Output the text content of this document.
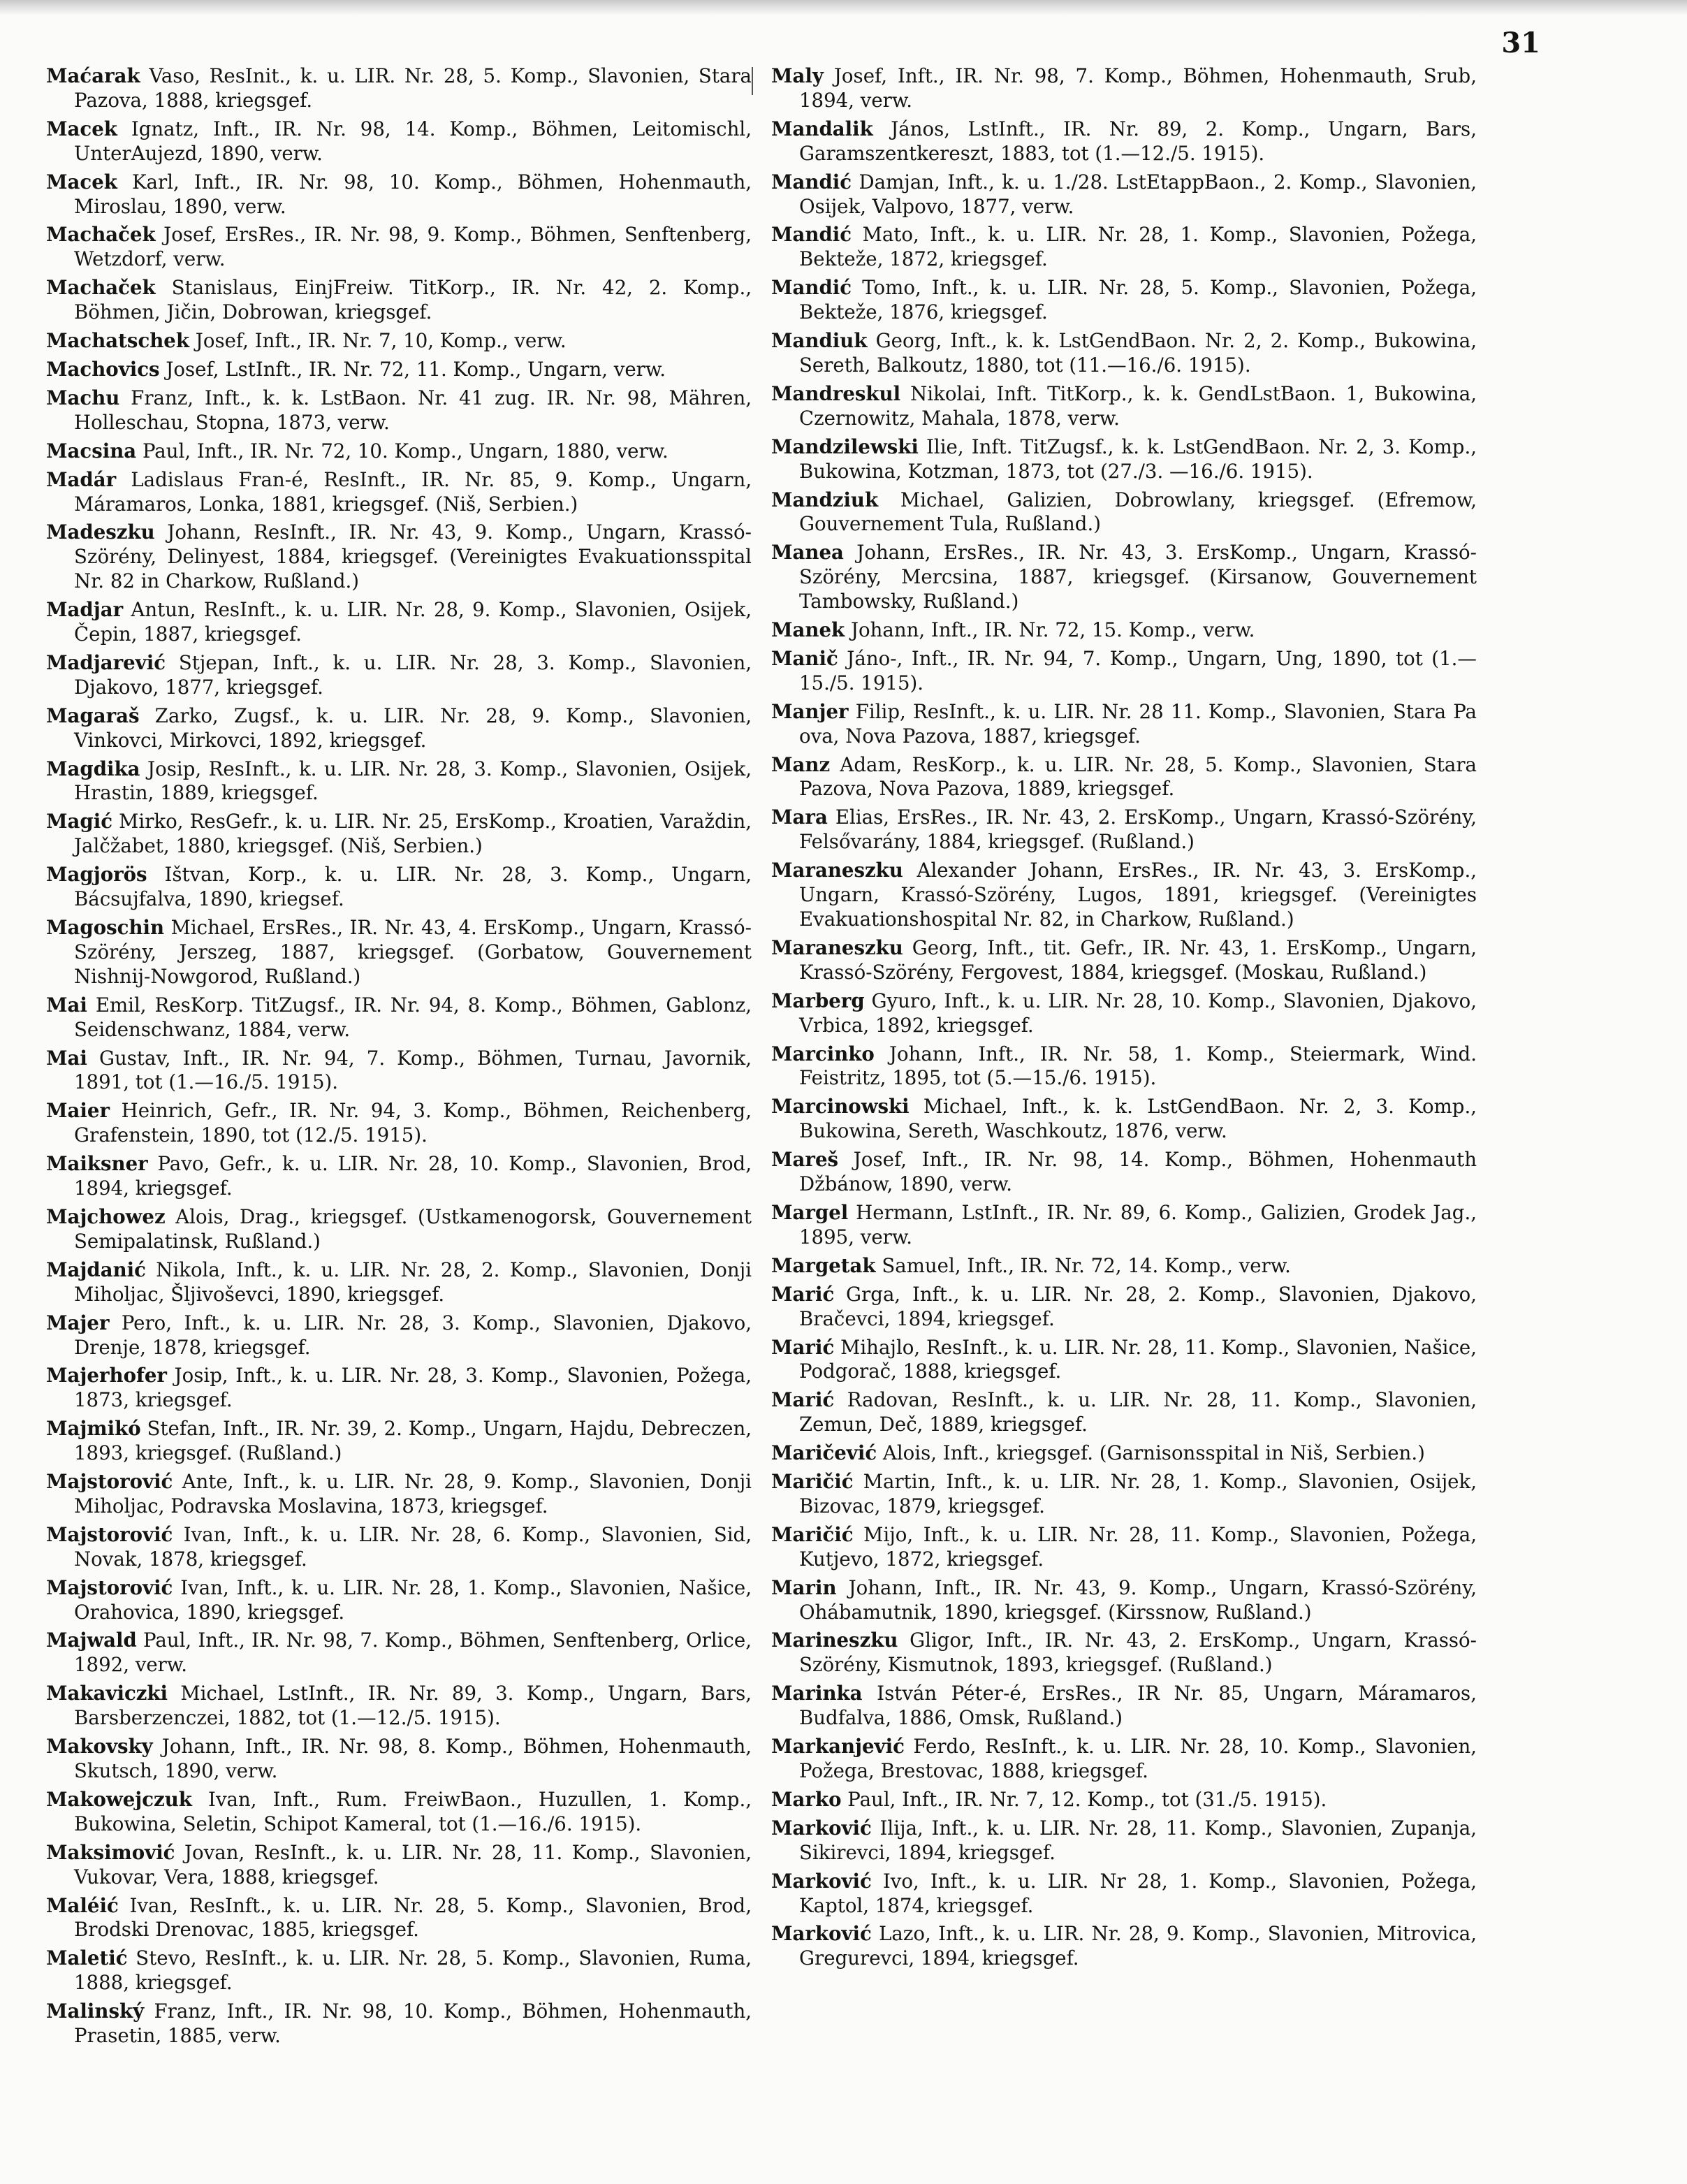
31

Maćarak Vaso, ResInit., k. u. LIR. Nr. 28, 5. Komp., Slavonien, Stara Pazova, 1888, kriegsgef.

Macek Ignatz, Inft., IR. Nr. 98, 14. Komp., Böhmen, Leitomischl, UnterAujezd, 1890, verw.

Macek Karl, Inft., IR. Nr. 98, 10. Komp., Böhmen, Hohenmauth, Miroslau, 1890, verw.

Machaček Josef, ErsRes., IR. Nr. 98, 9. Komp., Böhmen, Senftenberg, Wetzdorf, verw.

Machaček Stanislaus, EinjFreiw. TitKorp., IR. Nr. 42, 2. Komp., Böhmen, Jičin, Dobrowan, kriegsgef.

Machatschek Josef, Inft., IR. Nr. 7, 10, Komp., verw.

Machovics Josef, LstInft., IR. Nr. 72, 11. Komp., Ungarn, verw.

Machu Franz, Inft., k. k. LstBaon. Nr. 41 zug. IR. Nr. 98, Mähren, Holleschau, Stopna, 1873, verw.

Macsina Paul, Inft., IR. Nr. 72, 10. Komp., Ungarn, 1880, verw.

Madár Ladislaus Fran-é, ResInft., IR. Nr. 85, 9. Komp., Ungarn, Máramaros, Lonka, 1881, kriegsgef. (Niš, Serbien.)

Madeszku Johann, ResInft., IR. Nr. 43, 9. Komp., Ungarn, Krassó-Szörény, Delinyest, 1884, kriegsgef. (Vereinigtes Evakuationsspital Nr. 82 in Charkow, Rußland.)

Madjar Antun, ResInft., k. u. LIR. Nr. 28, 9. Komp., Slavonien, Osijek, Čepin, 1887, kriegsgef.

Madjarević Stjepan, Inft., k. u. LIR. Nr. 28, 3. Komp., Slavonien, Djakovo, 1877, kriegsgef.

Magaraš Zarko, Zugsf., k. u. LIR. Nr. 28, 9. Komp., Slavonien, Vinkovci, Mirkovci, 1892, kriegsgef.

Magdika Josip, ResInft., k. u. LIR. Nr. 28, 3. Komp., Slavonien, Osijek, Hrastin, 1889, kriegsgef.

Magić Mirko, ResGefr., k. u. LIR. Nr. 25, ErsKomp., Kroatien, Varaždin, Jalčžabet, 1880, kriegsgef. (Niš, Serbien.)

Magjorös Ištvan, Korp., k. u. LIR. Nr. 28, 3. Komp., Ungarn, Bácsujfalva, 1890, kriegsef.

Magoschin Michael, ErsRes., IR. Nr. 43, 4. ErsKomp., Ungarn, Krassó-Szörény, Jerszeg, 1887, kriegsgef. (Gorbatow, Gouvernement Nishnij-Nowgorod, Rußland.)

Mai Emil, ResKorp. TitZugsf., IR. Nr. 94, 8. Komp., Böhmen, Gablonz, Seidenschwanz, 1884, verw.

Mai Gustav, Inft., IR. Nr. 94, 7. Komp., Böhmen, Turnau, Javornik, 1891, tot (1.—16./5. 1915).

Maier Heinrich, Gefr., IR. Nr. 94, 3. Komp., Böhmen, Reichenberg, Grafenstein, 1890, tot (12./5. 1915).

Maiksner Pavo, Gefr., k. u. LIR. Nr. 28, 10. Komp., Slavonien, Brod, 1894, kriegsgef.

Majchowez Alois, Drag., kriegsgef. (Ustkamenogorsk, Gouvernement Semipalatinsk, Rußland.)

Majdanić Nikola, Inft., k. u. LIR. Nr. 28, 2. Komp., Slavonien, Donji Miholjac, Šljivoševci, 1890, kriegsgef.

Majer Pero, Inft., k. u. LIR. Nr. 28, 3. Komp., Slavonien, Djakovo, Drenje, 1878, kriegsgef.

Majerhofer Josip, Inft., k. u. LIR. Nr. 28, 3. Komp., Slavonien, Požega, 1873, kriegsgef.

Majmikó Stefan, Inft., IR. Nr. 39, 2. Komp., Ungarn, Hajdu, Debreczen, 1893, kriegsgef. (Rußland.)

Majstorović Ante, Inft., k. u. LIR. Nr. 28, 9. Komp., Slavonien, Donji Miholjac, Podravska Moslavina, 1873, kriegsgef.

Majstorović Ivan, Inft., k. u. LIR. Nr. 28, 6. Komp., Slavonien, Sid, Novak, 1878, kriegsgef.

Majstorović Ivan, Inft., k. u. LIR. Nr. 28, 1. Komp., Slavonien, Našice, Orahovica, 1890, kriegsgef.

Majwald Paul, Inft., IR. Nr. 98, 7. Komp., Böhmen, Senftenberg, Orlice, 1892, verw.

Makaviczki Michael, LstInft., IR. Nr. 89, 3. Komp., Ungarn, Bars, Barsberzenczei, 1882, tot (1.—12./5. 1915).

Makovsky Johann, Inft., IR. Nr. 98, 8. Komp., Böhmen, Hohenmauth, Skutsch, 1890, verw.

Makowejczuk Ivan, Inft., Rum. FreiwBaon., Huzullen, 1. Komp., Bukowina, Seletin, Schipot Kameral, tot (1.—16./6. 1915).

Maksimović Jovan, ResInft., k. u. LIR. Nr. 28, 11. Komp., Slavonien, Vukovar, Vera, 1888, kriegsgef.

Maléić Ivan, ResInft., k. u. LIR. Nr. 28, 5. Komp., Slavonien, Brod, Brodski Drenovac, 1885, kriegsgef.

Maletić Stevo, ResInft., k. u. LIR. Nr. 28, 5. Komp., Slavonien, Ruma, 1888, kriegsgef.

Malinský Franz, Inft., IR. Nr. 98, 10. Komp., Böhmen, Hohenmauth, Prasetin, 1885, verw.

Maly Josef, Inft., IR. Nr. 98, 7. Komp., Böhmen, Hohenmauth, Srub, 1894, verw.

Mandalik János, LstInft., IR. Nr. 89, 2. Komp., Ungarn, Bars, Garamszentkereszt, 1883, tot (1.—12./5. 1915).

Mandić Damjan, Inft., k. u. 1./28. LstEtappBaon., 2. Komp., Slavonien, Osijek, Valpovo, 1877, verw.

Mandić Mato, Inft., k. u. LIR. Nr. 28, 1. Komp., Slavonien, Požega, Bekteže, 1872, kriegsgef.

Mandić Tomo, Inft., k. u. LIR. Nr. 28, 5. Komp., Slavonien, Požega, Bekteže, 1876, kriegsgef.

Mandiuk Georg, Inft., k. k. LstGendBaon. Nr. 2, 2. Komp., Bukowina, Sereth, Balkoutz, 1880, tot (11.—16./6. 1915).

Mandreskul Nikolai, Inft. TitKorp., k. k. GendLstBaon. 1, Bukowina, Czernowitz, Mahala, 1878, verw.

Mandzilewski Ilie, Inft. TitZugsf., k. k. LstGendBaon. Nr. 2, 3. Komp., Bukowina, Kotzman, 1873, tot (27./3. —16./6. 1915).

Mandziuk Michael, Galizien, Dobrowlany, kriegsgef. (Efremow, Gouvernement Tula, Rußland.)

Manea Johann, ErsRes., IR. Nr. 43, 3. ErsKomp., Ungarn, Krassó-Szörény, Mercsina, 1887, kriegsgef. (Kirsanow, Gouvernement Tambowsky, Rußland.)

Manek Johann, Inft., IR. Nr. 72, 15. Komp., verw.

Manič Jáno-, Inft., IR. Nr. 94, 7. Komp., Ungarn, Ung, 1890, tot (1.—15./5. 1915).

Manjer Filip, ResInft., k. u. LIR. Nr. 28 11. Komp., Slavonien, Stara Pa ova, Nova Pazova, 1887, kriegsgef.

Manz Adam, ResKorp., k. u. LIR. Nr. 28, 5. Komp., Slavonien, Stara Pazova, Nova Pazova, 1889, kriegsgef.

Mara Elias, ErsRes., IR. Nr. 43, 2. ErsKomp., Ungarn, Krassó-Szörény, Felsővarány, 1884, kriegsgef. (Rußland.)

Maraneszku Alexander Johann, ErsRes., IR. Nr. 43, 3. ErsKomp., Ungarn, Krassó-Szörény, Lugos, 1891, kriegsgef. (Vereinigtes Evakuationshospital Nr. 82, in Charkow, Rußland.)

Maraneszku Georg, Inft., tit. Gefr., IR. Nr. 43, 1. ErsKomp., Ungarn, Krassó-Szörény, Fergovest, 1884, kriegsgef. (Moskau, Rußland.)

Marberg Gyuro, Inft., k. u. LIR. Nr. 28, 10. Komp., Slavonien, Djakovo, Vrbica, 1892, kriegsgef.

Marcinko Johann, Inft., IR. Nr. 58, 1. Komp., Steiermark, Wind. Feistritz, 1895, tot (5.—15./6. 1915).

Marcinowski Michael, Inft., k. k. LstGendBaon. Nr. 2, 3. Komp., Bukowina, Sereth, Waschkoutz, 1876, verw.

Mareš Josef, Inft., IR. Nr. 98, 14. Komp., Böhmen, Hohenmauth Džbánow, 1890, verw.

Margel Hermann, LstInft., IR. Nr. 89, 6. Komp., Galizien, Grodek Jag., 1895, verw.

Margetak Samuel, Inft., IR. Nr. 72, 14. Komp., verw.

Marić Grga, Inft., k. u. LIR. Nr. 28, 2. Komp., Slavonien, Djakovo, Bračevci, 1894, kriegsgef.

Marić Mihajlo, ResInft., k. u. LIR. Nr. 28, 11. Komp., Slavonien, Našice, Podgorač, 1888, kriegsgef.

Marić Radovan, ResInft., k. u. LIR. Nr. 28, 11. Komp., Slavonien, Zemun, Deč, 1889, kriegsgef.

Maričević Alois, Inft., kriegsgef. (Garnisonsspital in Niš, Serbien.)

Maričić Martin, Inft., k. u. LIR. Nr. 28, 1. Komp., Slavonien, Osijek, Bizovac, 1879, kriegsgef.

Maričić Mijo, Inft., k. u. LIR. Nr. 28, 11. Komp., Slavonien, Požega, Kutjevo, 1872, kriegsgef.

Marin Johann, Inft., IR. Nr. 43, 9. Komp., Ungarn, Krassó-Szörény, Ohábamutnik, 1890, kriegsgef. (Kirssnow, Rußland.)

Marineszku Gligor, Inft., IR. Nr. 43, 2. ErsKomp., Ungarn, Krassó-Szörény, Kismutnok, 1893, kriegsgef. (Rußland.)

Marinka István Péter-é, ErsRes., IR Nr. 85, Ungarn, Máramaros, Budfalva, 1886, Omsk, Rußland.)

Markanjević Ferdo, ResInft., k. u. LIR. Nr. 28, 10. Komp., Slavonien, Požega, Brestovac, 1888, kriegsgef.

Marko Paul, Inft., IR. Nr. 7, 12. Komp., tot (31./5. 1915).

Marković Ilija, Inft., k. u. LIR. Nr. 28, 11. Komp., Slavonien, Zupanja, Sikirevci, 1894, kriegsgef.

Marković Ivo, Inft., k. u. LIR. Nr 28, 1. Komp., Slavonien, Požega, Kaptol, 1874, kriegsgef.

Marković Lazo, Inft., k. u. LIR. Nr. 28, 9. Komp., Slavonien, Mitrovica, Gregurevci, 1894, kriegsgef.
